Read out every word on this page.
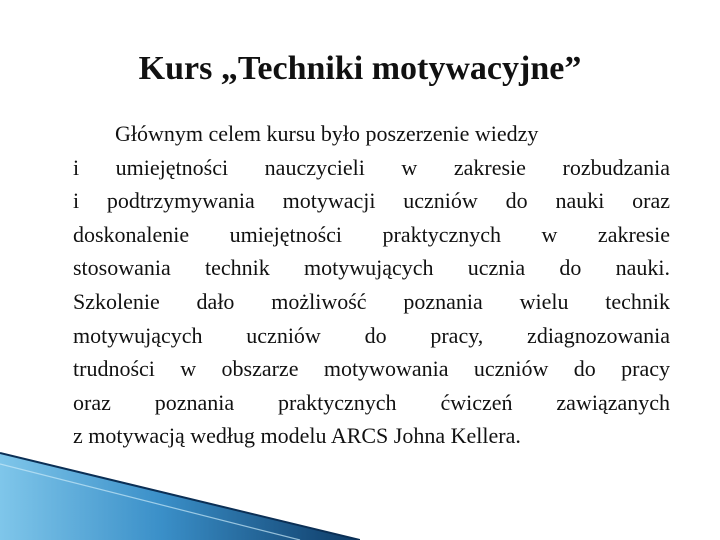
Kurs „Techniki motywacyjne”
Głównym celem kursu było poszerzenie wiedzy
i umiejętności nauczycieli w zakresie rozbudzania
i podtrzymywania motywacji uczniów do nauki oraz
doskonalenie umiejętności praktycznych w zakresie
stosowania technik motywujących ucznia do nauki.
Szkolenie dało możliwość poznania wielu technik
motywujących uczniów do pracy, zdiagnozowania
trudności w obszarze motywowania uczniów do pracy
oraz poznania praktycznych ćwiczeń zawiązanych
z motywacją według modelu ARCS Johna Kellera.
